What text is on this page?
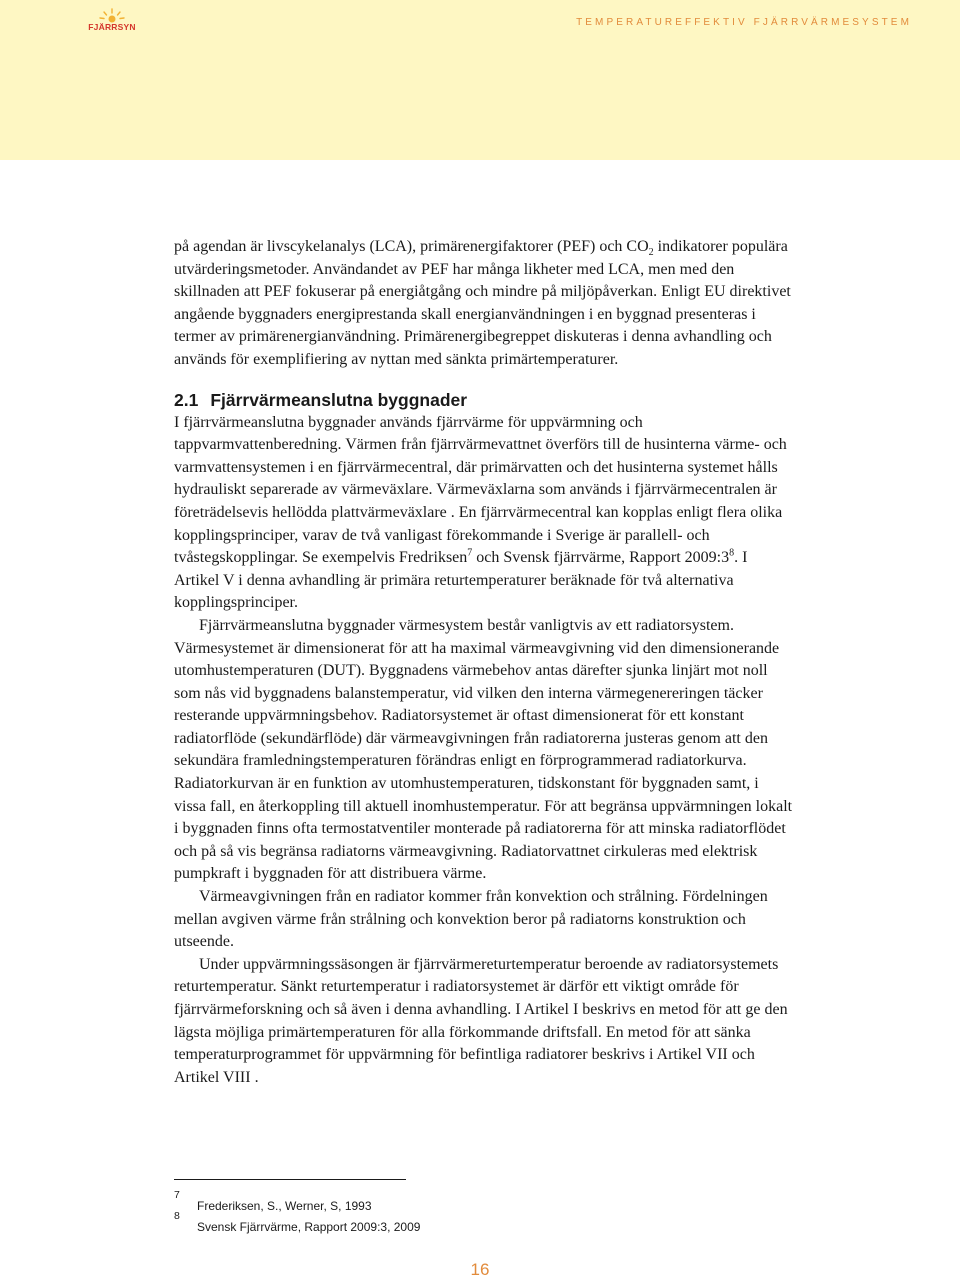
FJÄRRSYN	TEMPERATUREFFEKTIV FJÄRRVÄRMESYSTEM

på agendan är livscykelanalys (LCA), primärenergifaktorer (PEF) och $CO_2$ indikatorer populära utvärderingsmetoder. Användandet av PEF har många likheter med LCA, men med den skillnaden att PEF fokuserar på energiåtgång och mindre på miljöpåverkan. Enligt EU direktivet angående byggnaders energiprestanda skall energianvändningen i en byggnad presenteras i termer av primärenergianvändning. Primärenergibegreppet diskuteras i denna avhandling och används för exemplifiering av nyttan med sänkta primärtemperaturer.

2.1 Fjärrvärmeanslutna byggnader

I fjärrvärmeanslutna byggnader används fjärrvärme för uppvärmning och tappvarmvattenberedning. Värmen från fjärrvärmevattnet överförs till de husinterna värme- och varmvattensystemen i en fjärrvärmecentral, där primärvatten och det husinterna systemet hålls hydrauliskt separerade av värmeväxlare. Värmeväxlarna som används i fjärrvärmecentralen är företrädelsevis hellödda plattvärmeväxlare . En fjärrvärmecentral kan kopplas enligt flera olika kopplingsprinciper, varav de två vanligast förekommande i Sverige är parallell- och tvåstegskopplingar. Se exempelvis Fredriksen$^7$ och Svensk fjärrvärme, Rapport $2009:3^8$. I Artikel V i denna avhandling är primära returtemperaturer beräknade för två alternativa kopplingsprinciper.

Fjärrvärmeanslutna byggnader värmesystem består vanligtvis av ett radiatorsystem. Värmesystemet är dimensionerat för att ha maximal värmeavgivning vid den dimensionerande utomhustemperaturen (DUT). Byggnadens värmebehov antas därefter sjunka linjärt mot noll som nås vid byggnadens balanstemperatur, vid vilken den interna värmegenereringen täcker resterande uppvärmningsbehov. Radiatorsystemet är oftast dimensionerat för ett konstant radiatorflöde (sekundärflöde) där värmeavgivningen från radiatorerna justeras genom att den sekundära framledningstemperaturen förändras enligt en förprogrammerad radiatorkurva. Radiatorkurvan är en funktion av utomhustemperaturen, tidskonstant för byggnaden samt, i vissa fall, en återkoppling till aktuell inomhustemperatur. För att begränsa uppvärmningen lokalt i byggnaden finns ofta termostatventiler monterade på radiatorerna för att minska radiatorflödet och på så vis begränsa radiatorns värmeavgivning. Radiatorvattnet cirkuleras med elektrisk pumpkraft i byggnaden för att distribuera värme.

Värmeavgivningen från en radiator kommer från konvektion och strålning. Fördelningen mellan avgiven värme från strålning och konvektion beror på radiatorns konstruktion och utseende.

Under uppvärmningssäsongen är fjärrvärmereturtemperatur beroende av radiatorsystemets returtemperatur. Sänkt returtemperatur i radiatorsystemet är därför ett viktigt område för fjärrvärmeforskning och så även i denna avhandling. I Artikel I beskrivs en metod för att ge den lägsta möjliga primärtemperaturen för alla förkommande driftsfall. En metod för att sänka temperaturprogrammet för uppvärmning för befintliga radiatorer beskrivs i Artikel VII och Artikel VIII .

7
Frederiksen, S., Werner, S, 1993
8
Svensk Fjärrvärme, Rapport 2009:3, 2009
16
